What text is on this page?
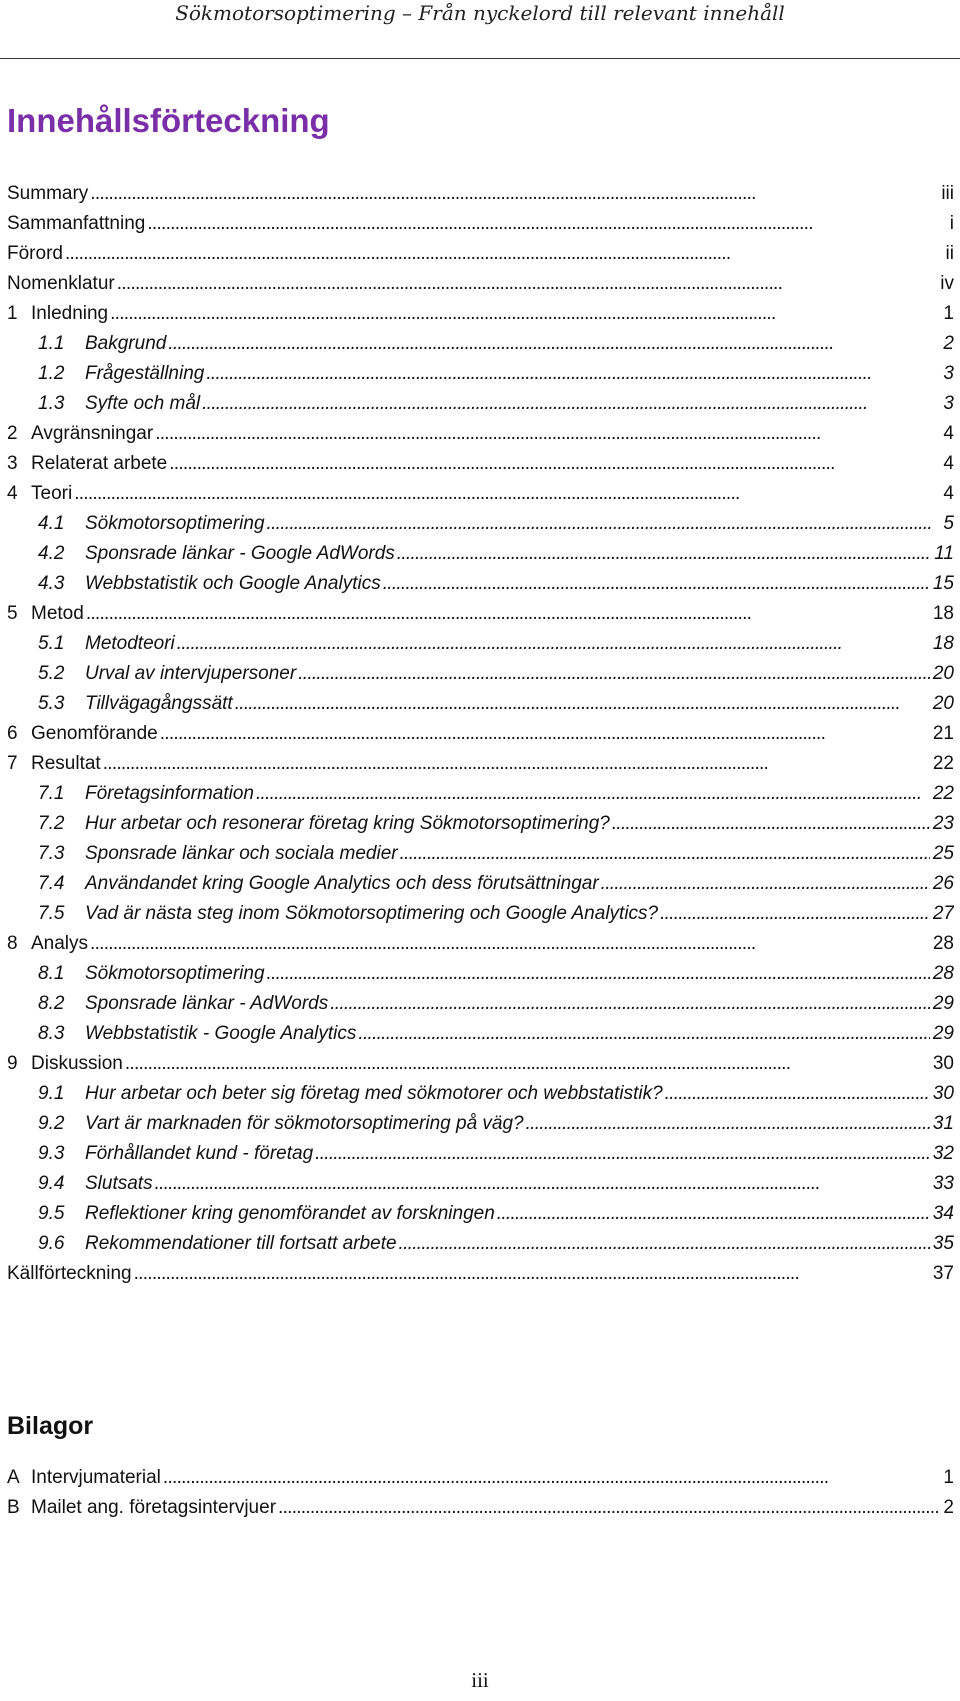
Sökmotorsoptimering – Från nyckelord till relevant innehåll
Innehållsförteckning
Summary . . .	iii
Sammanfattning . . .	i
Förord . . .	ii
Nomenklatur . . .	iv
1 Inledning . . .	1
1.1	Bakgrund . . .	2
1.2	Frågeställning . . .	3
1.3	Syfte och mål . . .	3
2 Avgränsningar . . .	4
3 Relaterat arbete . . .	4
4 Teori . . .	4
4.1	Sökmotorsoptimering . . .	5
4.2	Sponsrade länkar - Google AdWords . . .	11
4.3	Webbstatistik och Google Analytics . . .	15
5 Metod . . .	18
5.1	Metodteori . . .	18
5.2	Urval av intervjupersoner . . .	20
5.3	Tillvägagångssätt . . .	20
6 Genomförande . . .	21
7 Resultat . . .	22
7.1	Företagsinformation . . .	22
7.2	Hur arbetar och resonerar företag kring Sökmotorsoptimering? . . .	23
7.3	Sponsrade länkar och sociala medier . . .	25
7.4	Användandet kring Google Analytics och dess förutsättningar . . .	26
7.5	Vad är nästa steg inom Sökmotorsoptimering och Google Analytics? . . .	27
8 Analys . . .	28
8.1	Sökmotorsoptimering . . .	28
8.2	Sponsrade länkar - AdWords . . .	29
8.3	Webbstatistik - Google Analytics . . .	29
9 Diskussion . . .	30
9.1	Hur arbetar och beter sig företag med sökmotorer och webbstatistik? . . .	30
9.2	Vart är marknaden för sökmotorsoptimering på väg? . . .	31
9.3	Förhållandet kund - företag . . .	32
9.4	Slutsats . . .	33
9.5	Reflektioner kring genomförandet av forskningen . . .	34
9.6	Rekommendationer till fortsatt arbete . . .	35
Källförteckning . . .	37
Bilagor
A Intervjumaterial . . .	1
B Mailet ang. företagsintervjuer . . .	2
iii
